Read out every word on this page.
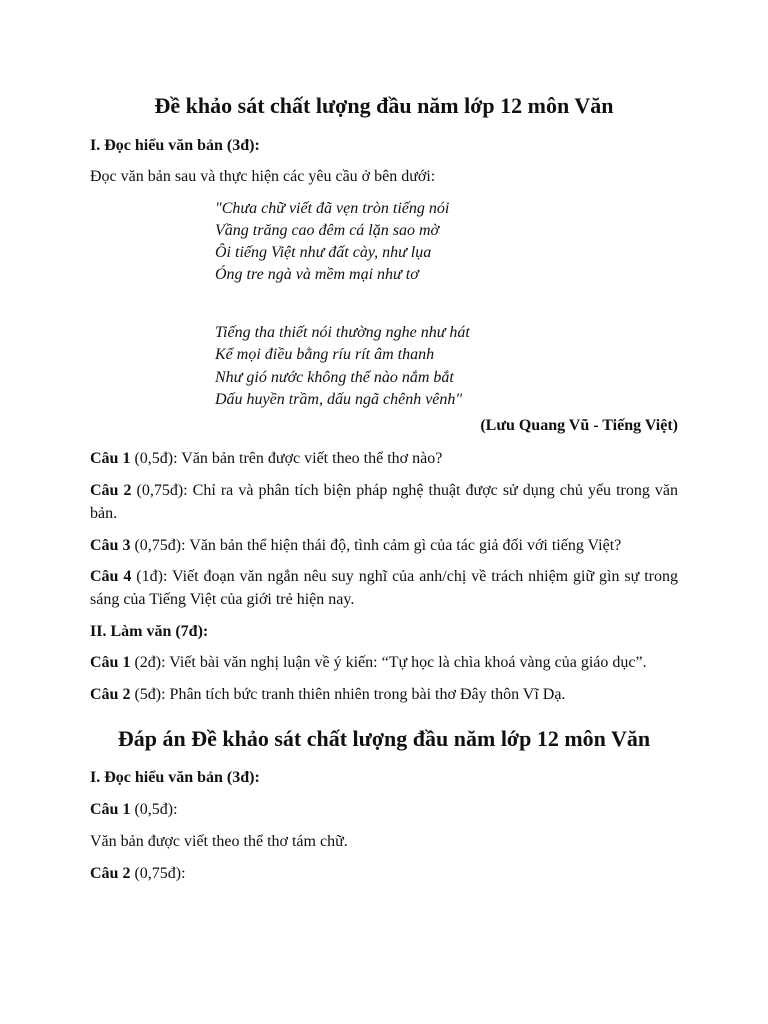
Đề khảo sát chất lượng đầu năm lớp 12 môn Văn

I. Đọc hiểu văn bản (3đ):

Đọc văn bản sau và thực hiện các yêu cầu ở bên dưới:

"Chưa chữ viết đã vẹn tròn tiếng nói
Vầng trăng cao đêm cá lặn sao mờ
Ôi tiếng Việt như đất cày, như lụa
Óng tre ngà và mềm mại như tơ
Tiếng tha thiết nói thường nghe như hát
Kể mọi điều bằng ríu rít âm thanh
Như gió nước không thể nào nắm bắt
Dấu huyền trầm, dấu ngã chênh vênh"

(Lưu Quang Vũ - Tiếng Việt)

Câu 1 (0,5đ): Văn bản trên được viết theo thể thơ nào?

Câu 2 (0,75đ): Chỉ ra và phân tích biện pháp nghệ thuật được sử dụng chủ yếu trong văn bản.

Câu 3 (0,75đ): Văn bản thể hiện thái độ, tình cảm gì của tác giả đối với tiếng Việt?

Câu 4 (1đ): Viết đoạn văn ngắn nêu suy nghĩ của anh/chị về trách nhiệm giữ gìn sự trong sáng của Tiếng Việt của giới trẻ hiện nay.

II. Làm văn (7đ):

Câu 1 (2đ): Viết bài văn nghị luận về ý kiến: “Tự học là chìa khoá vàng của giáo dục”.

Câu 2 (5đ): Phân tích bức tranh thiên nhiên trong bài thơ Đây thôn Vĩ Dạ.

Đáp án Đề khảo sát chất lượng đầu năm lớp 12 môn Văn

I. Đọc hiểu văn bản (3đ):

Câu 1 (0,5đ):

Văn bản được viết theo thể thơ tám chữ.

Câu 2 (0,75đ):
